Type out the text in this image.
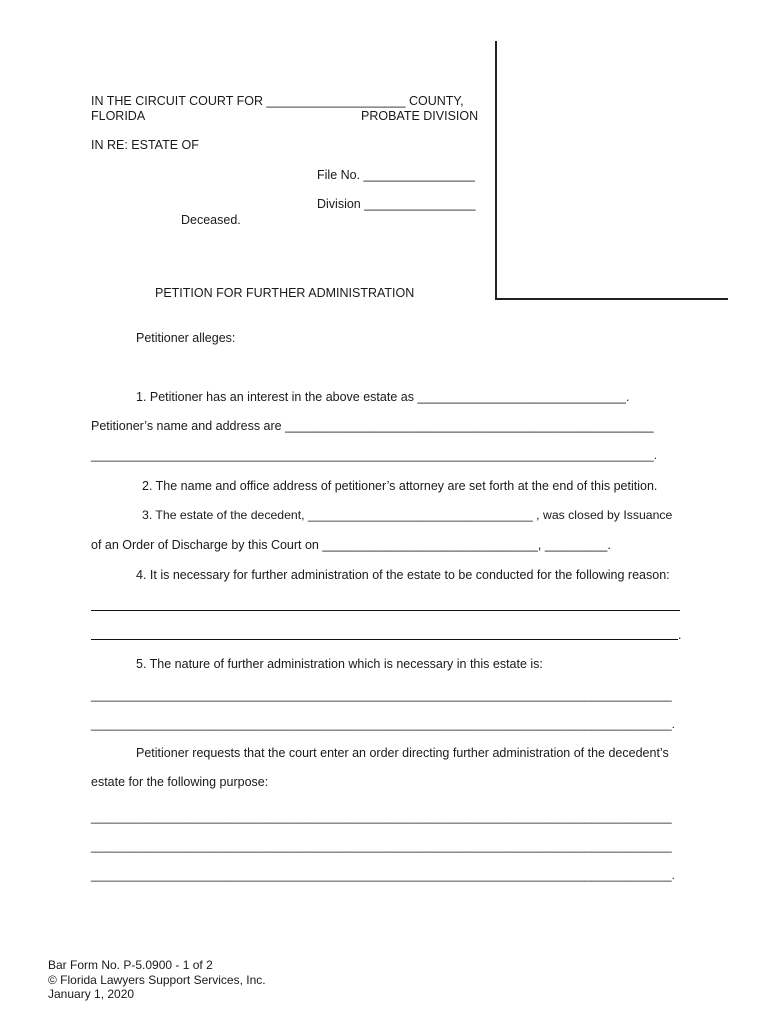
IN THE CIRCUIT COURT FOR ____________________ COUNTY,
FLORIDA	PROBATE DIVISION
IN RE: ESTATE OF
File No. ________________
Division ________________
Deceased.
PETITION FOR FURTHER ADMINISTRATION
Petitioner alleges:
1. Petitioner has an interest in the above estate as ______________________________.
Petitioner’s name and address are _____________________________________________________
________________________________________________________________________________________.
2. The name and office address of petitioner’s attorney are set forth at the end of this petition.
3. The estate of the decedent, _________________________________ , was closed by Issuance
of an Order of Discharge by this Court on _______________________________, _________.
4. It is necessary for further administration of the estate to be conducted for the following reason:
.
5. The nature of further administration which is necessary in this estate is:
_______________________________________________________________________________________
_______________________________________________________________________________________.
Petitioner requests that the court enter an order directing further administration of the decedent’s
estate for the following purpose:
_______________________________________________________________________________________
_______________________________________________________________________________________
_______________________________________________________________________________________.
Bar Form No. P-5.0900 - 1 of 2
© Florida Lawyers Support Services, Inc.
January 1, 2020
